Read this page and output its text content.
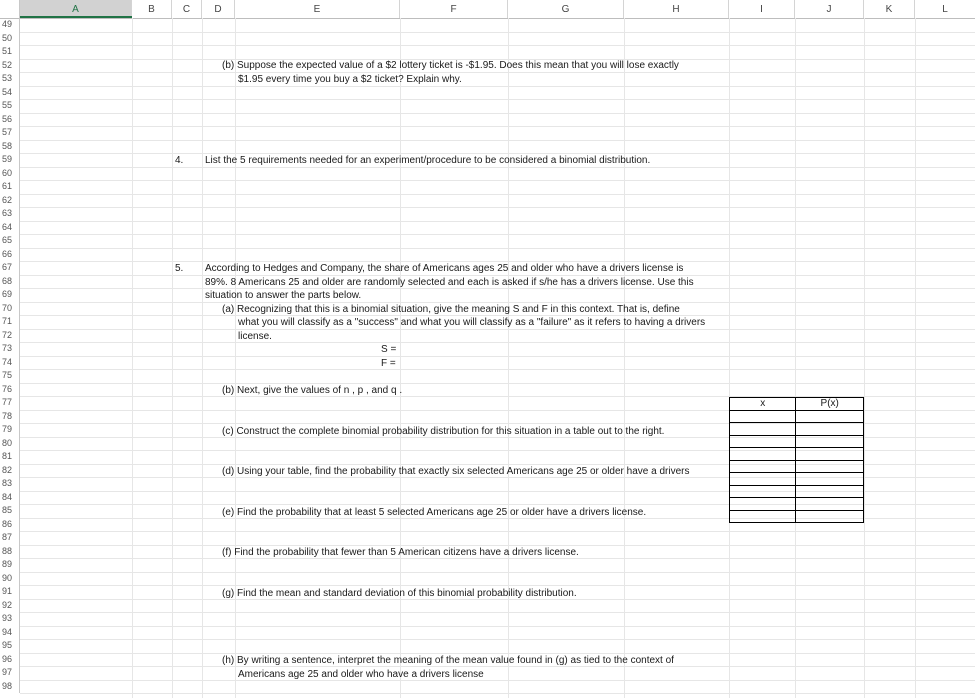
A	B	C	D	E	F	G	H	I	J	K	L
49
50
51
52
53
54
55
56
57
58
59
60
61
62
63
64
65
66
67
68
69
70
71
72
73
74
75
76
77
78
79
80
81
82
83
84
85
86
87
88
89
90
91
92
93
94
95
96
97
98
(b) Suppose the expected value of a $2 lottery ticket is -$1.95. Does this mean that you will lose exactly
$1.95 every time you buy a $2 ticket? Explain why.
4. List the 5 requirements needed for an experiment/procedure to be considered a binomial distribution.
5. According to Hedges and Company, the share of Americans ages 25 and older who have a drivers license is
89%. 8 Americans 25 and older are randomly selected and each is asked if s/he has a drivers license. Use this
situation to answer the parts below.
(a) Recognizing that this is a binomial situation, give the meaning S and F in this context. That is, define
what you will classify as a "success" and what you will classify as a "failure" as it refers to having a drivers
license.
S =
F =
(b) Next, give the values of n , p , and q .
(c) Construct the complete binomial probability distribution for this situation in a table out to the right.
(d) Using your table, find the probability that exactly six selected Americans age 25 or older have a drivers
(e) Find the probability that at least 5 selected Americans age 25 or older have a drivers license.
(f) Find the probability that fewer than 5 American citizens have a drivers license.
(g) Find the mean and standard deviation of this binomial probability distribution.
(h) By writing a sentence, interpret the meaning of the mean value found in (g) as tied to the context of
Americans age 25 and older who have a drivers license
x	P(x)
